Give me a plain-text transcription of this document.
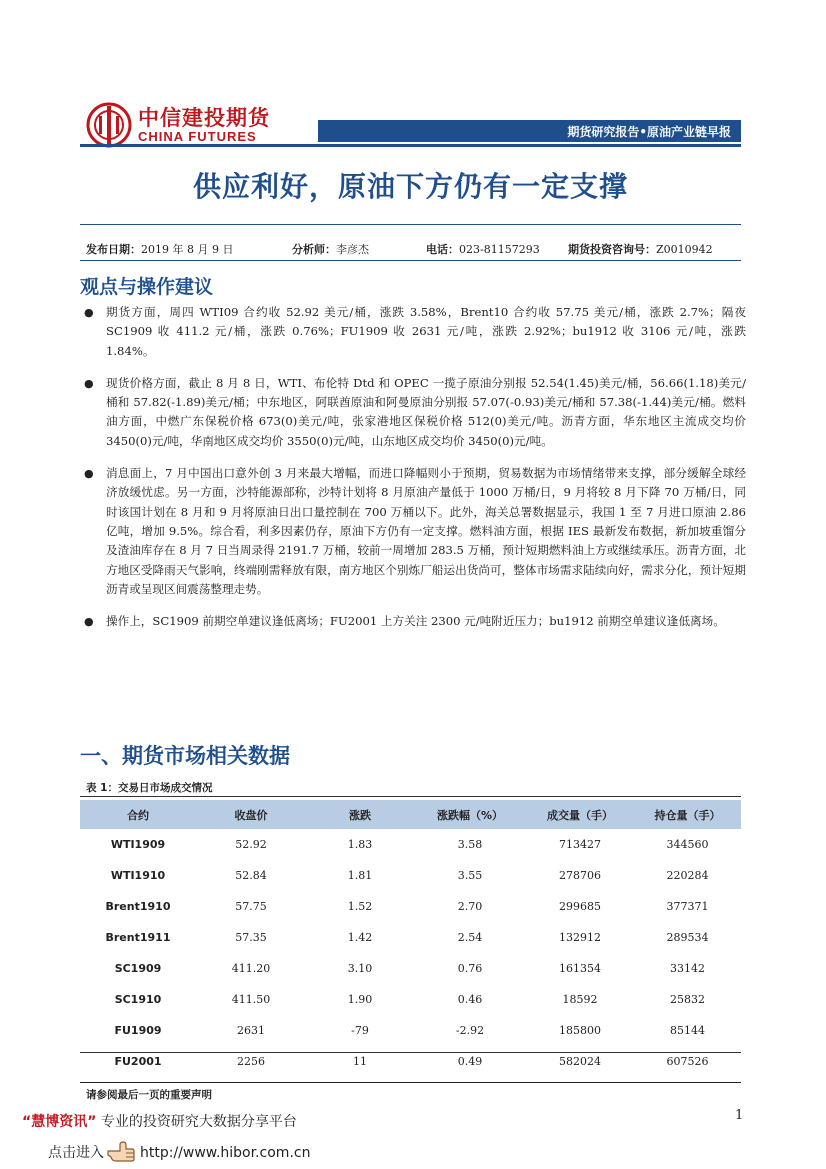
中信建投期货
CHINA FUTURES	期货研究报告•原油产业链早报
供应利好，原油下方仍有一定支撑
发布日期：2019 年 8 月 9 日	分析师：李彦杰	电话：023-81157293	期货投资咨询号：Z0010942
观点与操作建议
● 期货方面，周四 WTI09 合约收 52.92 美元/桶，涨跌 3.58%，Brent10 合约收 57.75 美元/桶，涨跌 2.7%；隔夜 SC1909 收 411.2 元/桶，涨跌 0.76%；FU1909 收 2631 元/吨，涨跌 2.92%；bu1912 收 3106 元/吨，涨跌 1.84%。
● 现货价格方面，截止 8 月 8 日，WTI、布伦特 Dtd 和 OPEC 一揽子原油分别报 52.54(1.45)美元/桶，56.66(1.18)美元/桶和 57.82(-1.89)美元/桶；中东地区，阿联酋原油和阿曼原油分别报 57.07(-0.93)美元/桶和 57.38(-1.44)美元/桶。燃料油方面，中燃广东保税价格 673(0)美元/吨，张家港地区保税价格 512(0)美元/吨。沥青方面，华东地区主流成交均价 3450(0)元/吨，华南地区成交均价 3550(0)元/吨，山东地区成交均价 3450(0)元/吨。
● 消息面上，7 月中国出口意外创 3 月来最大增幅，而进口降幅则小于预期，贸易数据为市场情绪带来支撑，部分缓解全球经济放缓忧虑。另一方面，沙特能源部称，沙特计划将 8 月原油产量低于 1000 万桶/日，9 月将较 8 月下降 70 万桶/日，同时该国计划在 8 月和 9 月将原油日出口量控制在 700 万桶以下。此外，海关总署数据显示，我国 1 至 7 月进口原油 2.86 亿吨，增加 9.5%。综合看，利多因素仍存，原油下方仍有一定支撑。燃料油方面，根据 IES 最新发布数据，新加坡重馏分及渣油库存在 8 月 7 日当周录得 2191.7 万桶，较前一周增加 283.5 万桶，预计短期燃料油上方或继续承压。沥青方面，北方地区受降雨天气影响，终端刚需释放有限，南方地区个别炼厂船运出货尚可，整体市场需求陆续向好，需求分化，预计短期沥青或呈现区间震荡整理走势。
● 操作上，SC1909 前期空单建议逢低离场；FU2001 上方关注 2300 元/吨附近压力；bu1912 前期空单建议逢低离场。
一、期货市场相关数据
表 1：交易日市场成交情况
合约	收盘价	涨跌	涨跌幅（%）	成交量（手）	持仓量（手）
WTI1909	52.92	1.83	3.58	713427	344560
WTI1910	52.84	1.81	3.55	278706	220284
Brent1910	57.75	1.52	2.70	299685	377371
Brent1911	57.35	1.42	2.54	132912	289534
SC1909	411.20	3.10	0.76	161354	33142
SC1910	411.50	1.90	0.46	18592	25832
FU1909	2631	-79	-2.92	185800	85144
FU2001	2256	11	0.49	582024	607526
请参阅最后一页的重要声明
1
“慧博资讯” 专业的投资研究大数据分享平台
点击进入	http://www.hibor.com.cn
